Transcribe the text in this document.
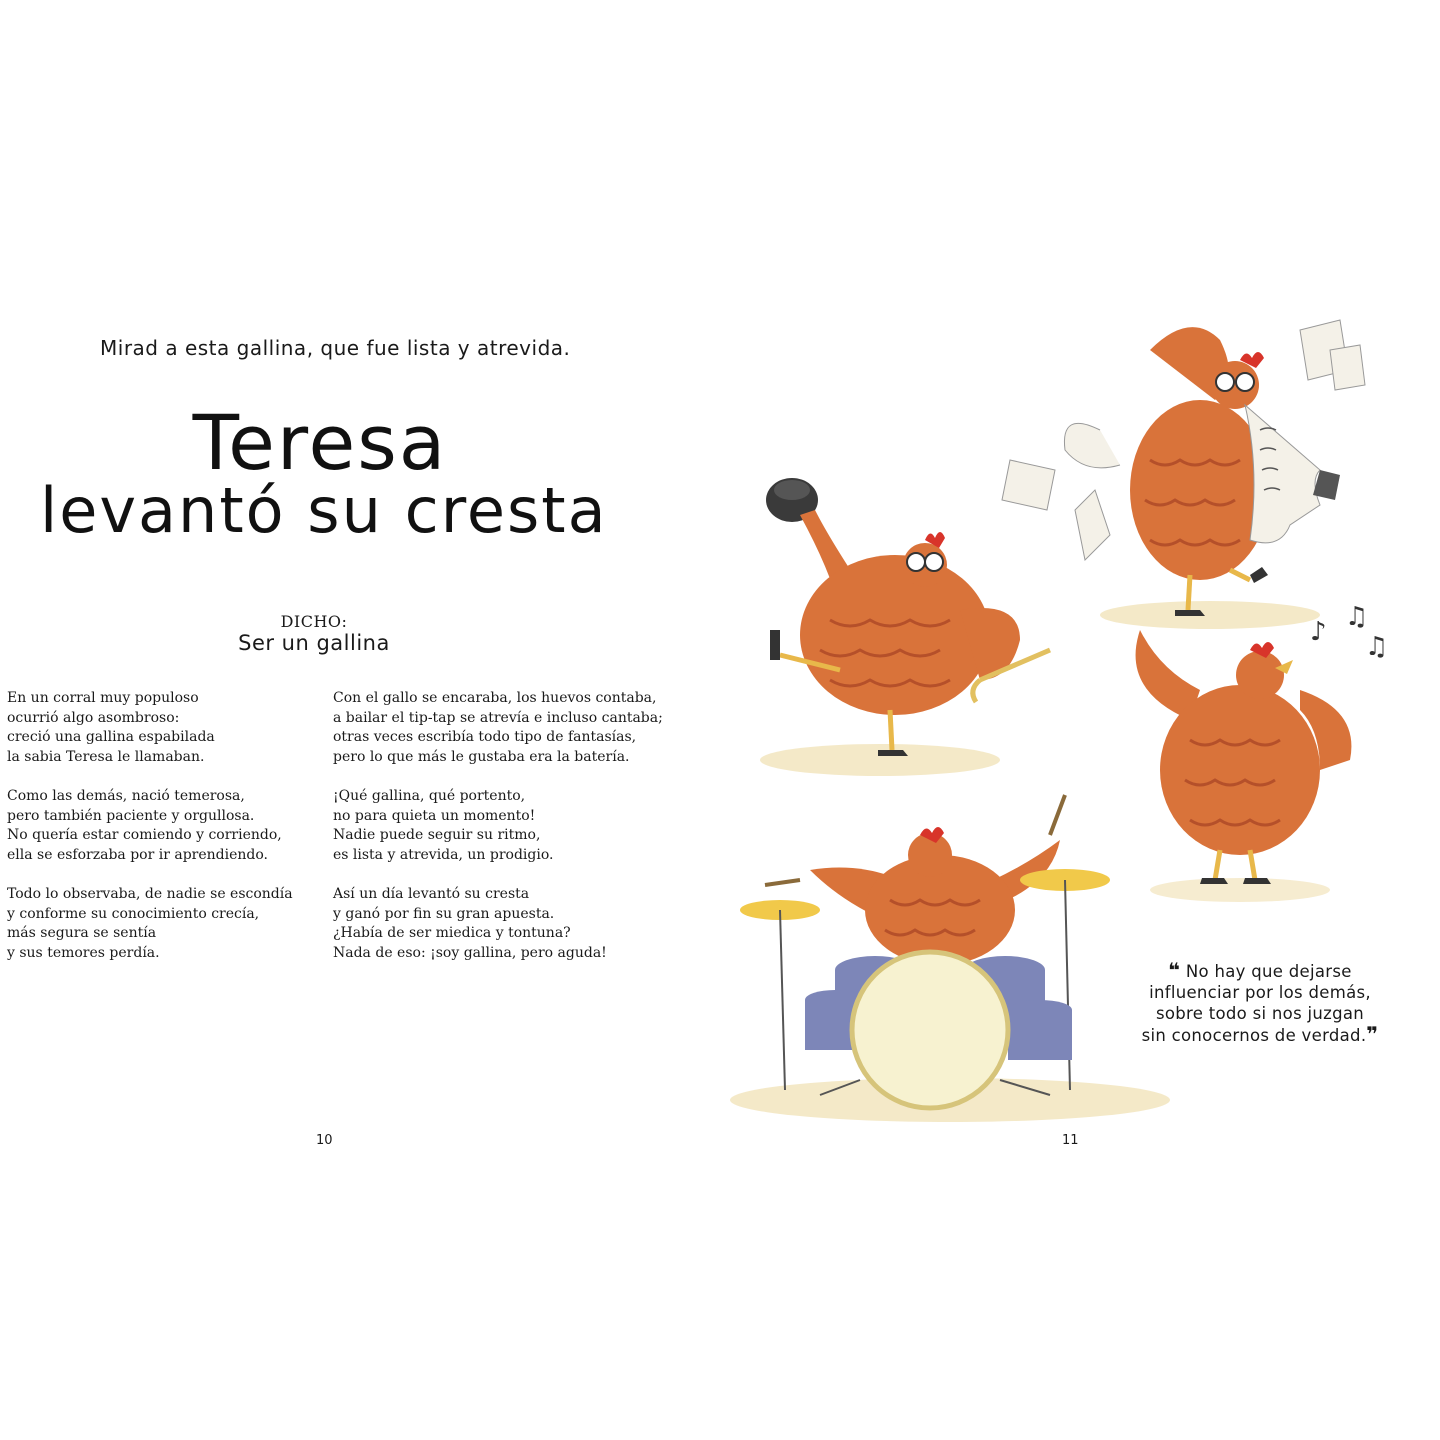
Mirad a esta gallina, que fue lista y atrevida.
Teresa
levantó su cresta
DICHO:
Ser un gallina
En un corral muy populoso
ocurrió algo asombroso:
creció una gallina espabilada
la sabia Teresa le llamaban.
Como las demás, nació temerosa,
pero también paciente y orgullosa.
No quería estar comiendo y corriendo,
ella se esforzaba por ir aprendiendo.
Todo lo observaba, de nadie se escondía
y conforme su conocimiento crecía,
más segura se sentía
y sus temores perdía.
Con el gallo se encaraba, los huevos contaba,
a bailar el tip-tap se atrevía e incluso cantaba;
otras veces escribía todo tipo de fantasías,
pero lo que más le gustaba era la batería.
¡Qué gallina, qué portento,
no para quieta un momento!
Nadie puede seguir su ritmo,
es lista y atrevida, un prodigio.
Así un día levantó su cresta
y ganó por fin su gran apuesta.
¿Había de ser miedica y tontuna?
Nada de eso: ¡soy gallina, pero aguda!
10
♪ ♫
♫
❝ No hay que dejarse
influenciar por los demás,
sobre todo si nos juzgan
sin conocernos de verdad.❞
11
